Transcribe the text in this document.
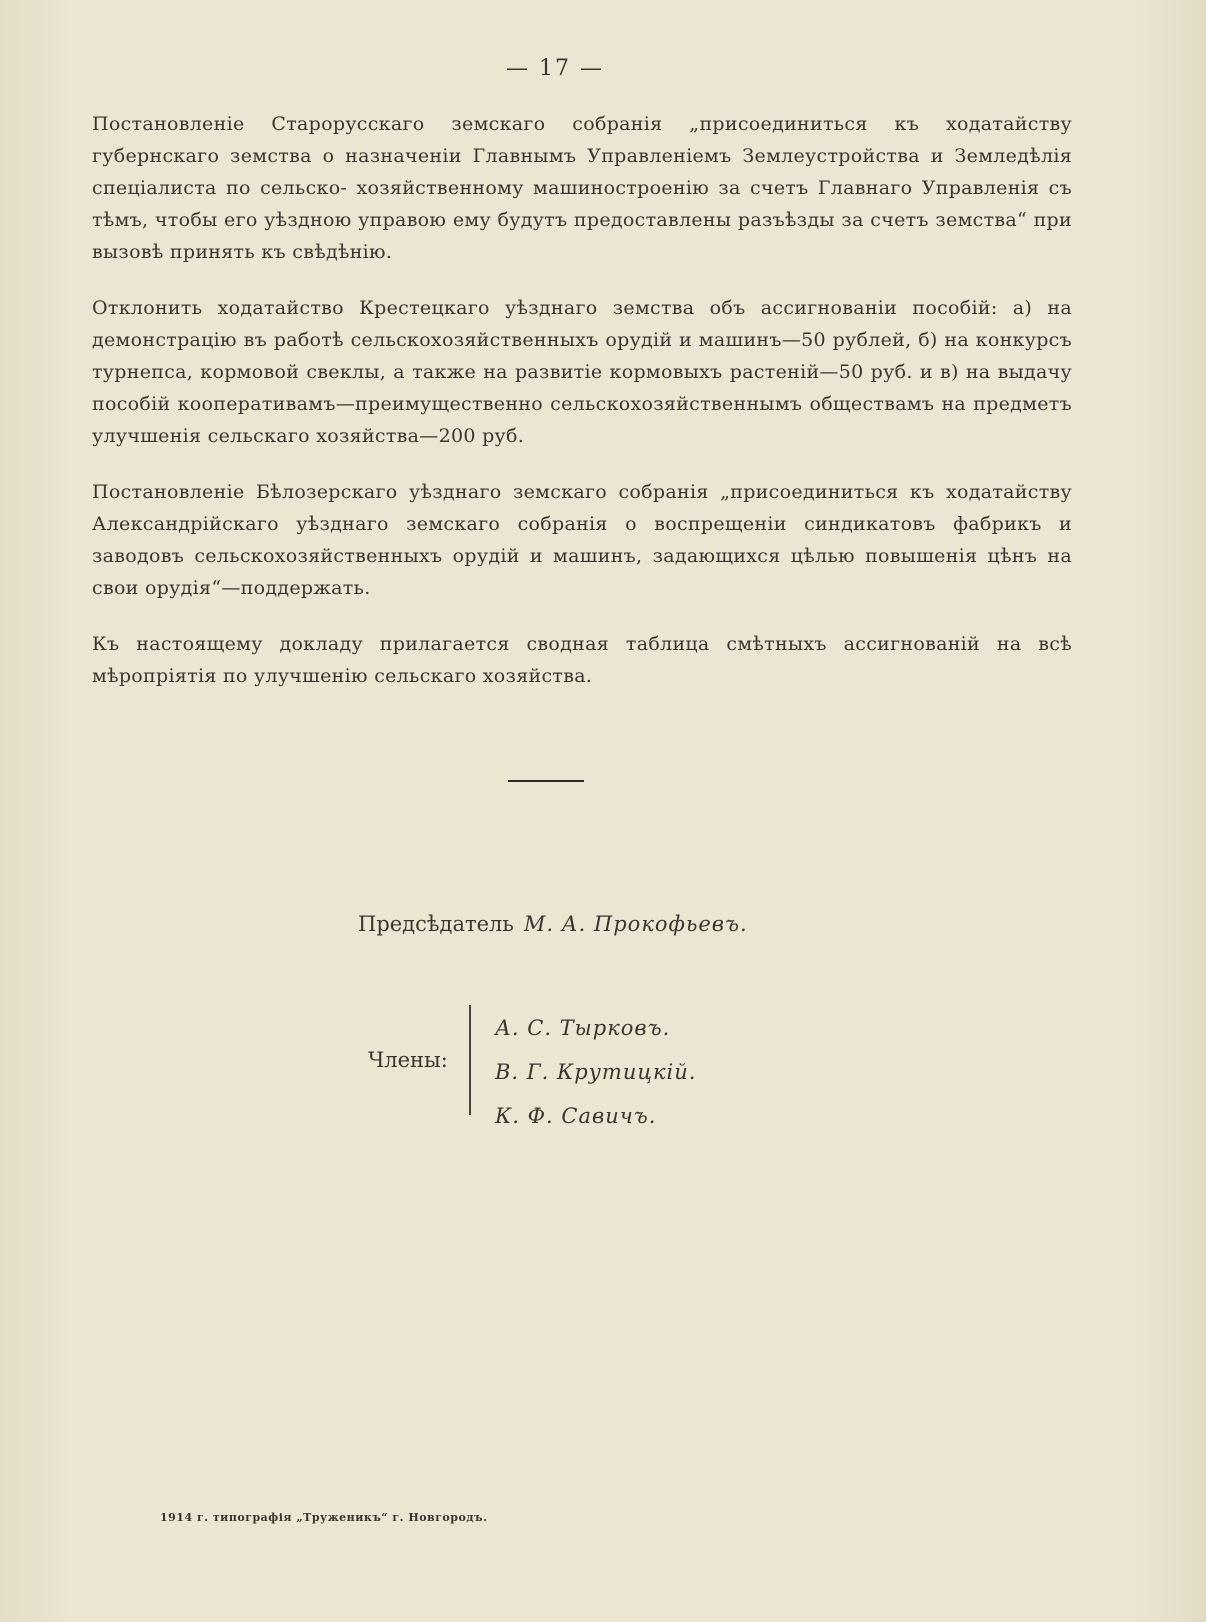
— 17 —

Постановленіе Старорусскаго земскаго собранія „присоединиться къ ходатайству губернскаго земства о назначеніи Главнымъ Управленіемъ Землеустройства и Земледѣлія спеціалиста по сельско- хозяйственному машиностроенію за счетъ Главнаго Управленія съ тѣмъ, чтобы его уѣздною управою ему будутъ предоставлены разъѣзды за счетъ земства“ при вызовѣ принять къ свѣдѣнію.

Отклонить ходатайство Крестецкаго уѣзднаго земства объ ассигнованіи пособій: а) на демонстрацію въ работѣ сельскохозяйственныхъ орудій и машинъ—50 рублей, б) на конкурсъ турнепса, кормовой свеклы, а также на развитіе кормовыхъ растеній—50 руб. и в) на выдачу пособій кооперативамъ—преимущественно сельскохозяйственнымъ обществамъ на предметъ улучшенія сельскаго хозяйства—200 руб.

Постановленіе Бѣлозерскаго уѣзднаго земскаго собранія „присоединиться къ ходатайству Александрійскаго уѣзднаго земскаго собранія о воспрещеніи синдикатовъ фабрикъ и заводовъ сельскохозяйственныхъ орудій и машинъ, задающихся цѣлью повышенія цѣнъ на свои орудія“—поддержать.

Къ настоящему докладу прилагается сводная таблица смѣтныхъ ассигнованій на всѣ мѣропріятія по улучшенію сельскаго хозяйства.

Предсѣдатель М. А. Прокофьевъ.
Члены:
А. С. Тырковъ.
В. Г. Крутицкій.
К. Ф. Савичъ.
1914 г. типографія „Труженикъ“ г. Новгородъ.
